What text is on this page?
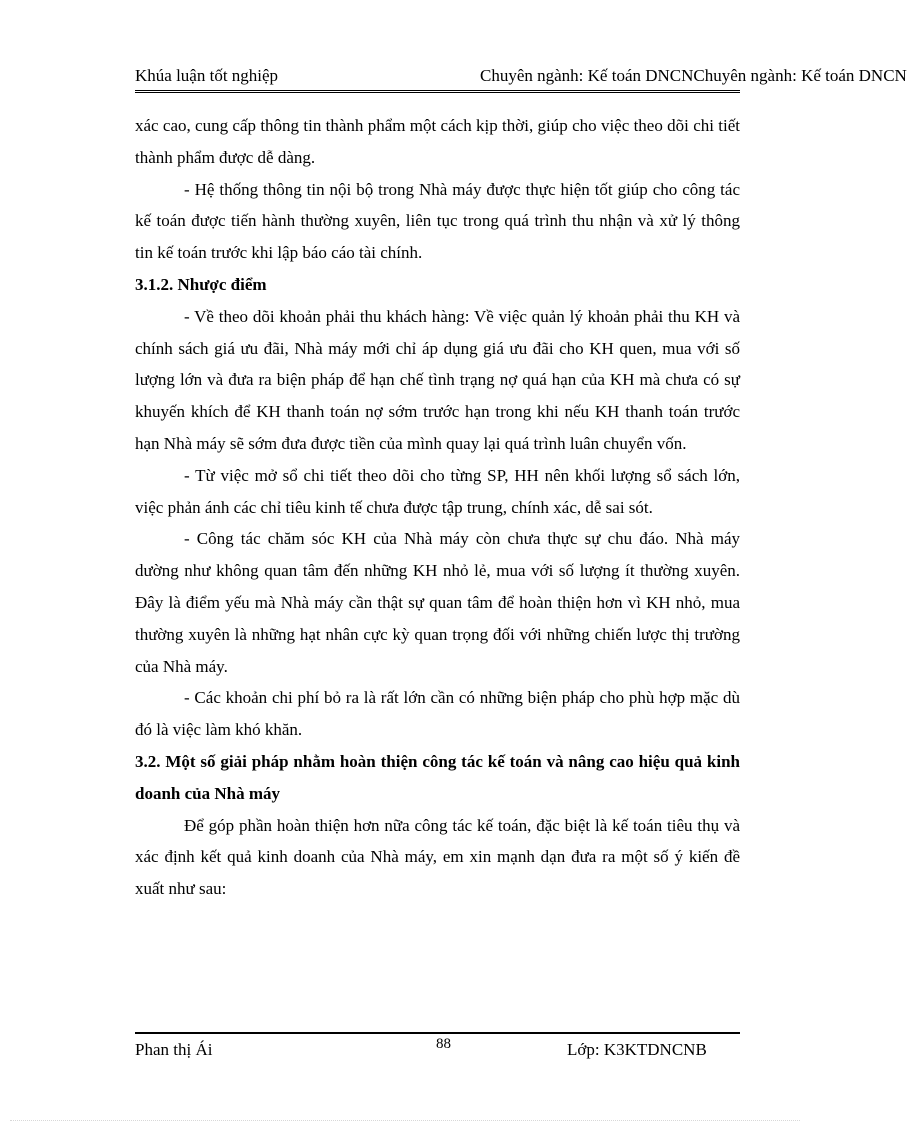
Khúa luận tốt nghiệp	Chuyên ngành: Kế toán DNCNChuyên ngành: Kế toán DNCN

xác cao, cung cấp thông tin thành phẩm một cách kịp thời, giúp cho việc theo dõi chi tiết thành phẩm được dễ dàng.

- Hệ thống thông tin nội bộ trong Nhà máy được thực hiện tốt giúp cho công tác kế toán được tiến hành thường xuyên, liên tục trong quá trình thu nhận và xử lý thông tin kế toán trước khi lập báo cáo tài chính.

3.1.2. Nhược điểm

- Về theo dõi khoản phải thu khách hàng: Về việc quản lý khoản phải thu KH và chính sách giá ưu đãi, Nhà máy mới chỉ áp dụng giá ưu đãi cho KH quen, mua với số lượng lớn và đưa ra biện pháp để hạn chế tình trạng nợ quá hạn của KH mà chưa có sự khuyến khích để KH thanh toán nợ sớm trước hạn trong khi nếu KH thanh toán trước hạn Nhà máy sẽ sớm đưa được tiền của mình quay lại quá trình luân chuyển vốn.

- Từ việc mở sổ chi tiết theo dõi cho từng SP, HH nên khối lượng sổ sách lớn, việc phản ánh các chỉ tiêu kinh tế chưa được tập trung, chính xác, dễ sai sót.

- Công tác chăm sóc KH của Nhà máy còn chưa thực sự chu đáo. Nhà máy dường như không quan tâm đến những KH nhỏ lẻ, mua với số lượng ít thường xuyên. Đây là điểm yếu mà Nhà máy cần thật sự quan tâm để hoàn thiện hơn vì KH nhỏ, mua thường xuyên là những hạt nhân cực kỳ quan trọng đối với những chiến lược thị trường của Nhà máy.

- Các khoản chi phí bỏ ra là rất lớn cần có những biện pháp cho phù hợp mặc dù đó là việc làm khó khăn.

3.2. Một số giải pháp nhằm hoàn thiện công tác kế toán và nâng cao hiệu quả kinh doanh của Nhà máy

Để góp phần hoàn thiện hơn nữa công tác kế toán, đặc biệt là kế toán tiêu thụ và xác định kết quả kinh doanh của Nhà máy, em xin mạnh dạn đưa ra một số ý kiến đề xuất như sau:

Phan thị Ái	88	Lớp: K3KTDNCNB
